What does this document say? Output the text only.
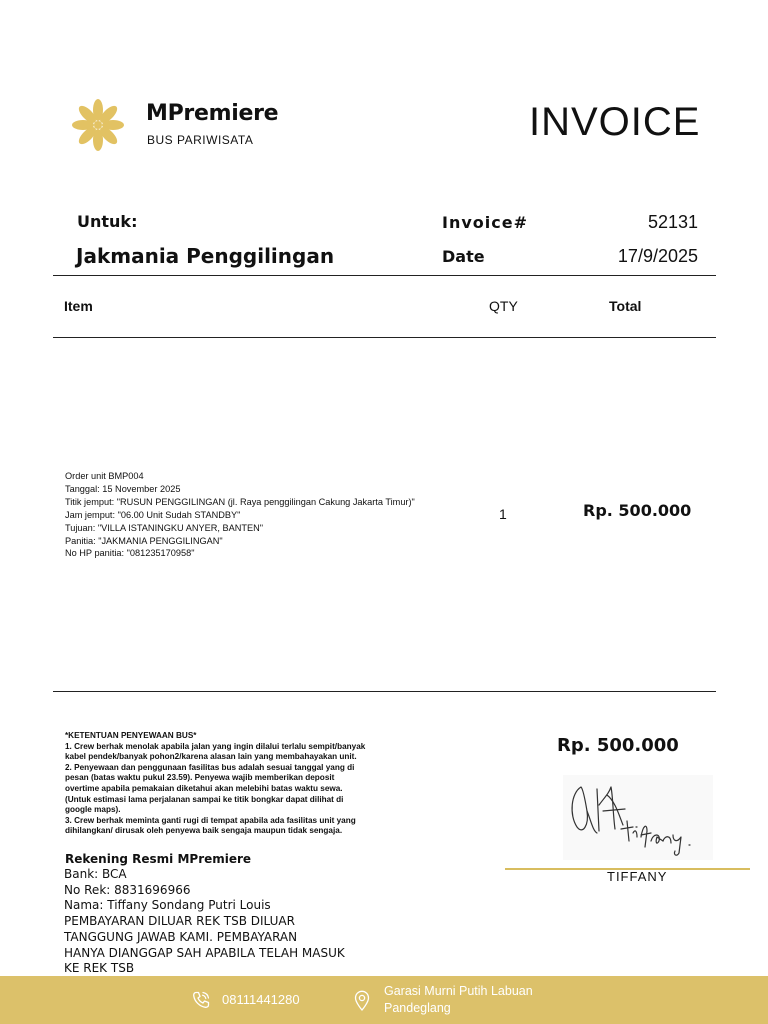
MPremiere
BUS PARIWISATA	INVOICE
Untuk:
Jakmania Penggilingan
Invoice#	52131
Date	17/9/2025
Item	QTY	Total
Order unit BMP004
Tanggal: 15 November 2025
Titik jemput: "RUSUN PENGGILINGAN (jl. Raya penggilingan Cakung Jakarta Timur)"
Jam jemput: "06.00 Unit Sudah STANDBY"
Tujuan: "VILLA ISTANINGKU ANYER, BANTEN"
Panitia: "JAKMANIA PENGGILINGAN"
No HP panitia: "081235170958"
1	Rp. 500.000
*KETENTUAN PENYEWAAN BUS*
1. Crew berhak menolak apabila jalan yang ingin dilalui terlalu sempit/banyak
kabel pendek/banyak pohon2/karena alasan lain yang membahayakan unit.
2. Penyewaan dan penggunaan fasilitas bus adalah sesuai tanggal yang di
pesan (batas waktu pukul 23.59). Penyewa wajib memberikan deposit
overtime apabila pemakaian diketahui akan melebihi batas waktu sewa.
(Untuk estimasi lama perjalanan sampai ke titik bongkar dapat dilihat di
google maps).
3. Crew berhak meminta ganti rugi di tempat apabila ada fasilitas unit yang
dihilangkan/ dirusak oleh penyewa baik sengaja maupun tidak sengaja.
Rp. 500.000
TIFFANY
Rekening Resmi MPremiere
Bank: BCA
No Rek: 8831696966
Nama: Tiffany Sondang Putri Louis
PEMBAYARAN DILUAR REK TSB DILUAR
TANGGUNG JAWAB KAMI. PEMBAYARAN
HANYA DIANGGAP SAH APABILA TELAH MASUK
KE REK TSB
08111441280
Garasi Murni Putih Labuan Pandeglang
